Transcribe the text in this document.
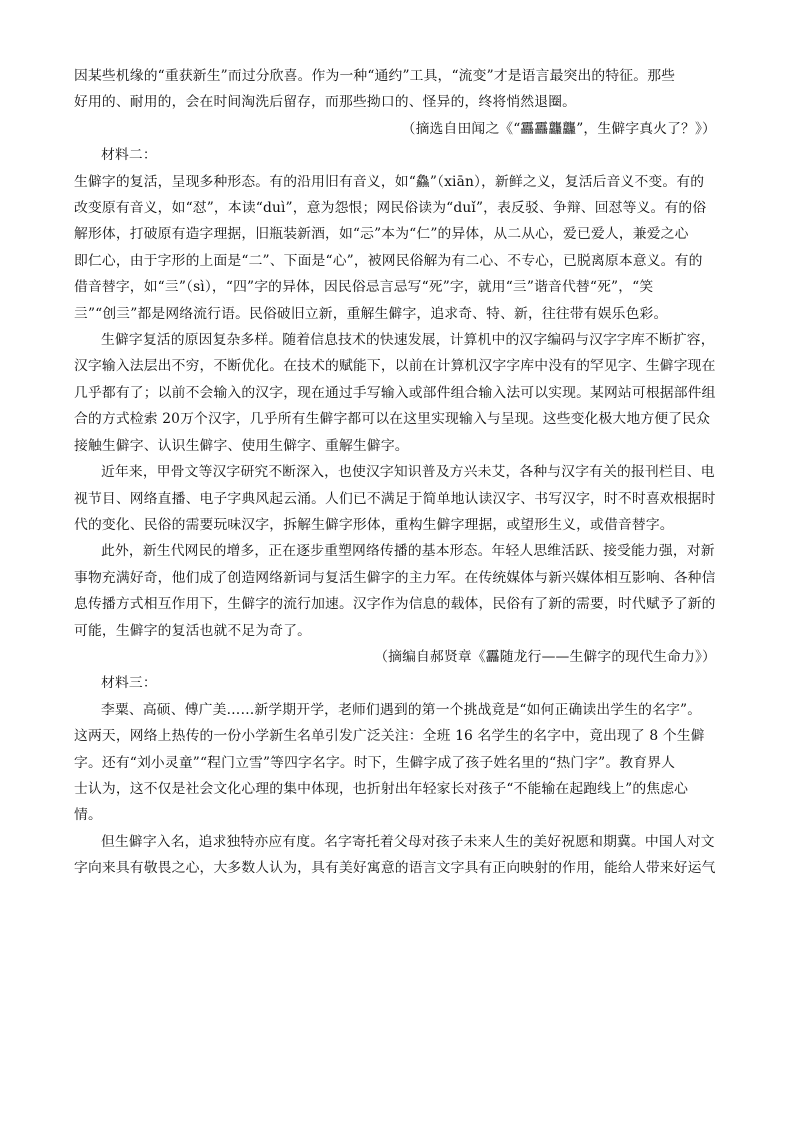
因某些机缘的“重获新生”而过分欣喜。作为一种“通约”工具，“流变”才是语言最突出的特征。那些
好用的、耐用的，会在时间淘洗后留存，而那些拗口的、怪异的，终将悄然退圈。
（摘选自田闻之《“靐靐龘龘”，生僻字真火了？》）
材料二：
生僻字的复活，呈现多种形态。有的沿用旧有音义，如“鱻”（xiān），新鲜之义，复活后音义不变。有的
改变原有音义，如“怼”，本读“duì”，意为怨恨；网民俗读为“duǐ”，表反驳、争辩、回怼等义。有的俗
解形体，打破原有造字理据，旧瓶装新酒，如“忈”本为“仁”的异体，从二从心，爱已爱人，兼爱之心
即仁心，由于字形的上面是“二”、下面是“心”，被网民俗解为有二心、不专心，已脱离原本意义。有的
借音替字，如“亖”（sì），“四”字的异体，因民俗忌言忌写“死”字，就用“亖”谐音代替“死”，“笑
亖”“创亖”都是网络流行语。民俗破旧立新，重解生僻字，追求奇、特、新，往往带有娱乐色彩。
生僻字复活的原因复杂多样。随着信息技术的快速发展，计算机中的汉字编码与汉字字库不断扩容，
汉字输入法层出不穷，不断优化。在技术的赋能下，以前在计算机汉字字库中没有的罕见字、生僻字现在
几乎都有了；以前不会输入的汉字，现在通过手写输入或部件组合输入法可以实现。某网站可根据部件组
合的方式检索 20万个汉字，几乎所有生僻字都可以在这里实现输入与呈现。这些变化极大地方便了民众
接触生僻字、认识生僻字、使用生僻字、重解生僻字。
近年来，甲骨文等汉字研究不断深入，也使汉字知识普及方兴未艾，各种与汉字有关的报刊栏目、电
视节目、网络直播、电子字典风起云涌。人们已不满足于简单地认读汉字、书写汉字，时不时喜欢根据时
代的变化、民俗的需要玩味汉字，拆解生僻字形体，重构生僻字理据，或望形生义，或借音替字。
此外，新生代网民的增多，正在逐步重塑网络传播的基本形态。年轻人思维活跃、接受能力强，对新
事物充满好奇，他们成了创造网络新词与复活生僻字的主力军。在传统媒体与新兴媒体相互影响、各种信
息传播方式相互作用下，生僻字的流行加速。汉字作为信息的载体，民俗有了新的需要，时代赋予了新的
可能，生僻字的复活也就不足为奇了。
（摘编自郝贤章《靐随龙行——生僻字的现代生命力》）
材料三：
李粟、高硕、傅广美……新学期开学，老师们遇到的第一个挑战竟是“如何正确读出学生的名字”。
这两天，网络上热传的一份小学新生名单引发广泛关注：全班 16 名学生的名字中，竟出现了 8 个生僻
字。还有“刘小灵童”“程门立雪”等四字名字。时下，生僻字成了孩子姓名里的“热门字”。教育界人
士认为，这不仅是社会文化心理的集中体现，也折射出年轻家长对孩子“不能输在起跑线上”的焦虑心
情。
但生僻字入名，追求独特亦应有度。名字寄托着父母对孩子未来人生的美好祝愿和期冀。中国人对文
字向来具有敬畏之心，大多数人认为，具有美好寓意的语言文字具有正向映射的作用，能给人带来好运气
